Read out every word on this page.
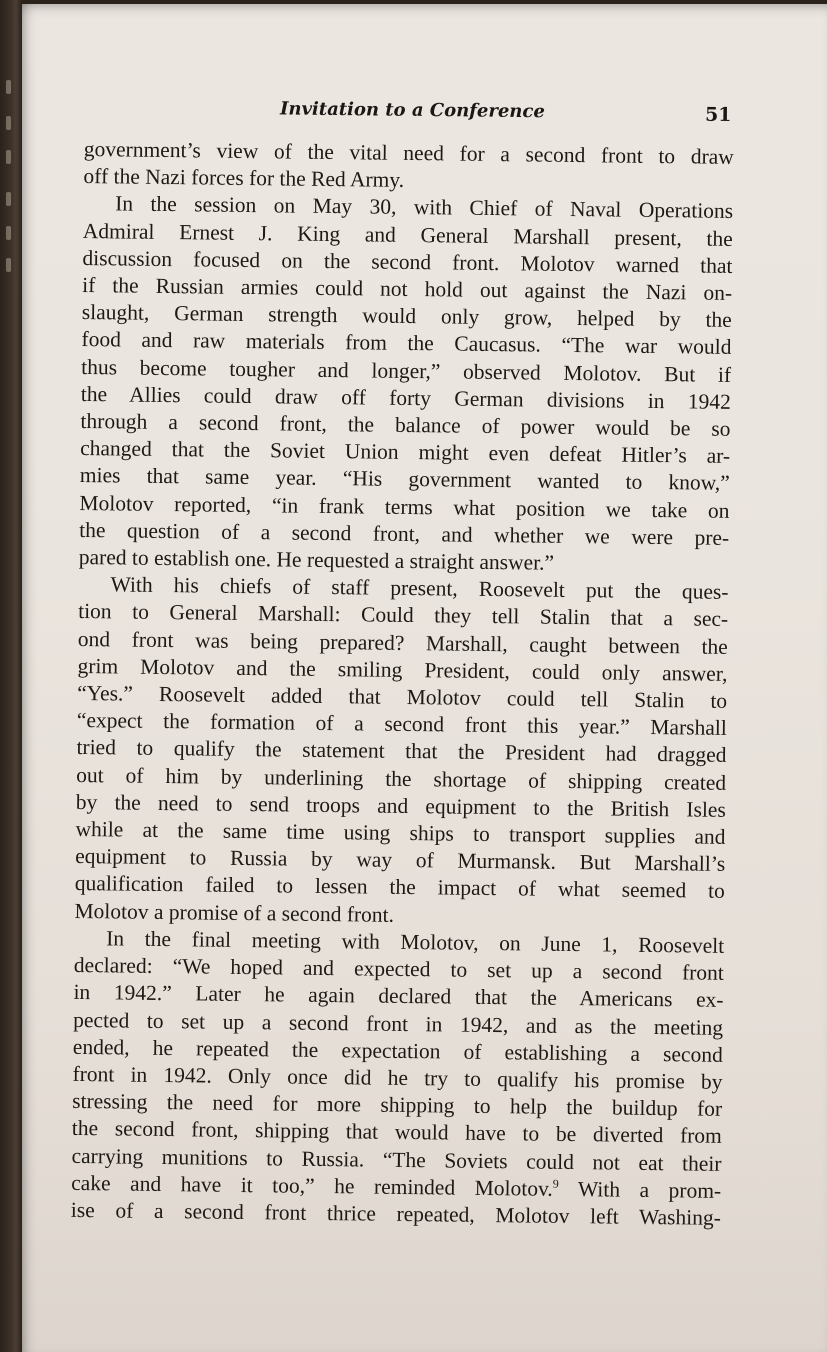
Invitation to a Conference	51

government’s view of the vital need for a second front to draw

off the Nazi forces for the Red Army.

In the session on May 30, with Chief of Naval Operations

Admiral Ernest J. King and General Marshall present, the

discussion focused on the second front. Molotov warned that

if the Russian armies could not hold out against the Nazi on-

slaught, German strength would only grow, helped by the

food and raw materials from the Caucasus. “The war would

thus become tougher and longer,” observed Molotov. But if

the Allies could draw off forty German divisions in 1942

through a second front, the balance of power would be so

changed that the Soviet Union might even defeat Hitler’s ar-

mies that same year. “His government wanted to know,”

Molotov reported, “in frank terms what position we take on

the question of a second front, and whether we were pre-

pared to establish one. He requested a straight answer.”

With his chiefs of staff present, Roosevelt put the ques-

tion to General Marshall: Could they tell Stalin that a sec-

ond front was being prepared? Marshall, caught between the

grim Molotov and the smiling President, could only answer,

“Yes.” Roosevelt added that Molotov could tell Stalin to

“expect the formation of a second front this year.” Marshall

tried to qualify the statement that the President had dragged

out of him by underlining the shortage of shipping created

by the need to send troops and equipment to the British Isles

while at the same time using ships to transport supplies and

equipment to Russia by way of Murmansk. But Marshall’s

qualification failed to lessen the impact of what seemed to

Molotov a promise of a second front.

In the final meeting with Molotov, on June 1, Roosevelt

declared: “We hoped and expected to set up a second front

in 1942.” Later he again declared that the Americans ex-

pected to set up a second front in 1942, and as the meeting

ended, he repeated the expectation of establishing a second

front in 1942. Only once did he try to qualify his promise by

stressing the need for more shipping to help the buildup for

the second front, shipping that would have to be diverted from

carrying munitions to Russia. “The Soviets could not eat their

cake and have it too,” he reminded Molotov.$^9$ With a prom-

ise of a second front thrice repeated, Molotov left Washing-
